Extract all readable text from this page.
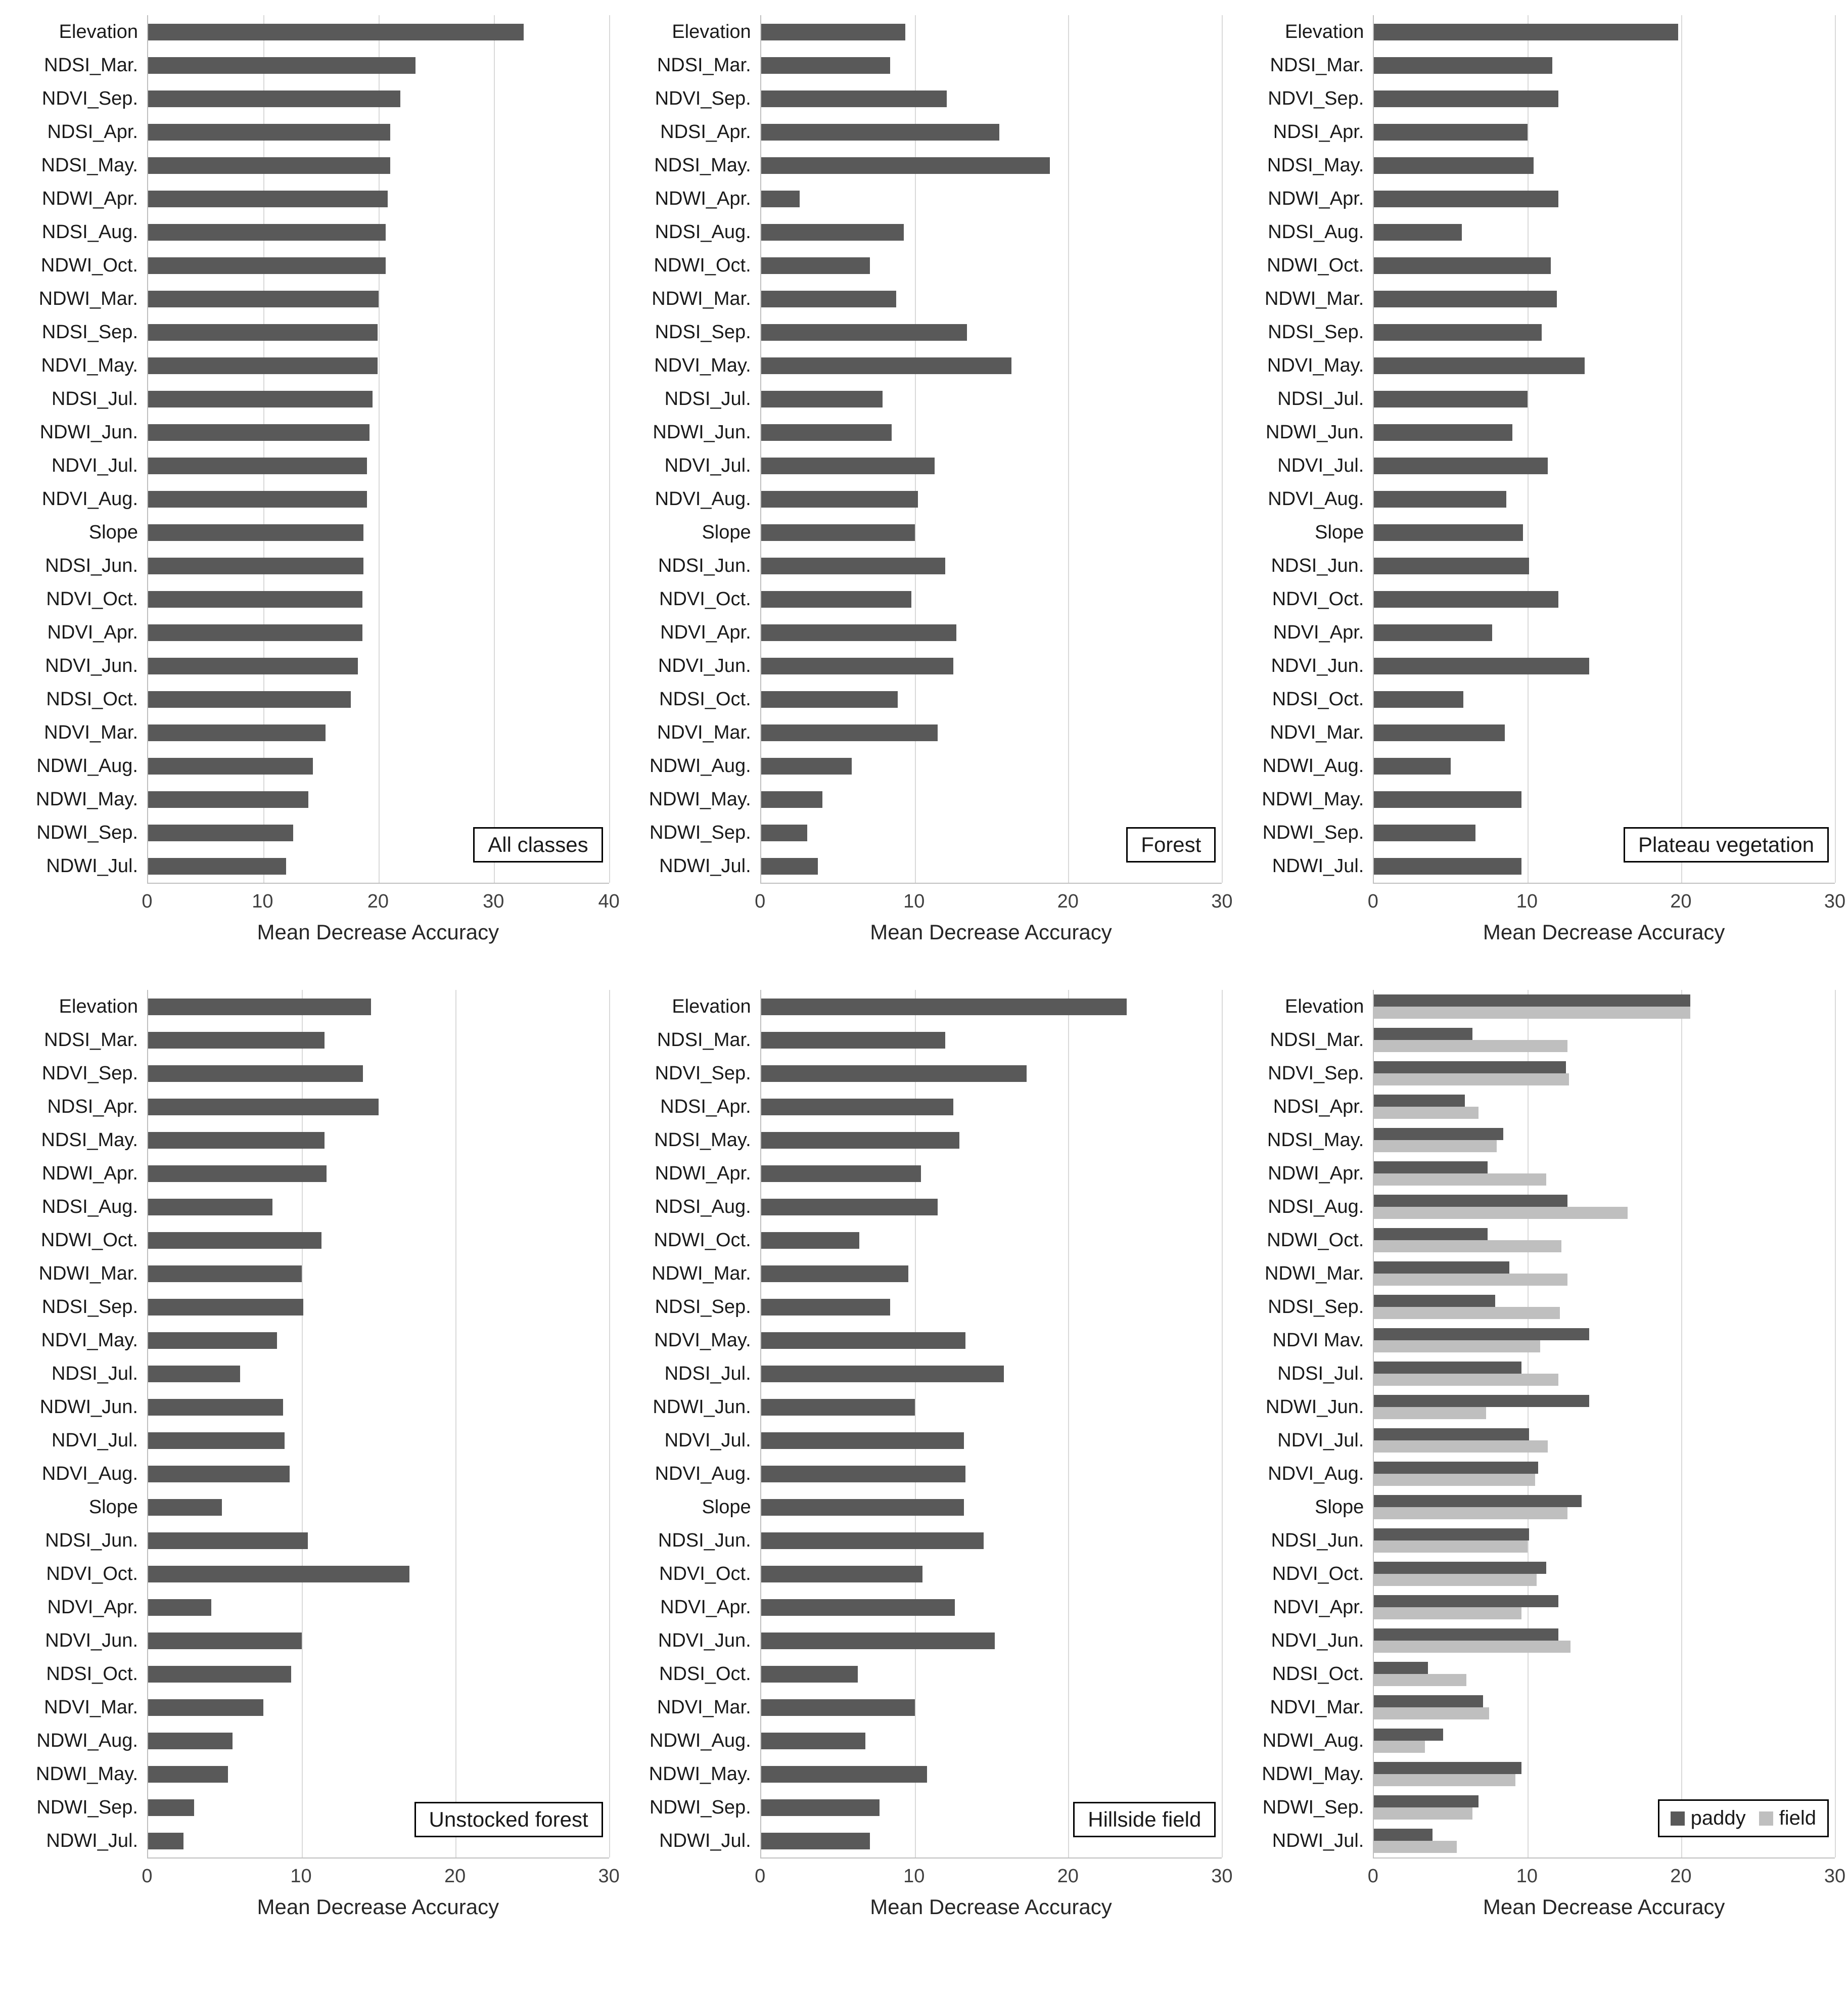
Elevation
NDSI_Mar.
NDVI_Sep.
NDSI_Apr.
NDSI_May.
NDWI_Apr.
NDSI_Aug.
NDWI_Oct.
NDWI_Mar.
NDSI_Sep.
NDVI_May.
NDSI_Jul.
NDWI_Jun.
NDVI_Jul.
NDVI_Aug.
Slope
NDSI_Jun.
NDVI_Oct.
NDVI_Apr.
NDVI_Jun.
NDSI_Oct.
NDVI_Mar.
NDWI_Aug.
NDWI_May.
NDWI_Sep.
NDWI_Jul.
All classes
0	10	20	30	40
Mean Decrease Accuracy
Elevation
NDSI_Mar.
NDVI_Sep.
NDSI_Apr.
NDSI_May.
NDWI_Apr.
NDSI_Aug.
NDWI_Oct.
NDWI_Mar.
NDSI_Sep.
NDVI_May.
NDSI_Jul.
NDWI_Jun.
NDVI_Jul.
NDVI_Aug.
Slope
NDSI_Jun.
NDVI_Oct.
NDVI_Apr.
NDVI_Jun.
NDSI_Oct.
NDVI_Mar.
NDWI_Aug.
NDWI_May.
NDWI_Sep.
NDWI_Jul.
Forest
0	10	20	30
Mean Decrease Accuracy
Elevation
NDSI_Mar.
NDVI_Sep.
NDSI_Apr.
NDSI_May.
NDWI_Apr.
NDSI_Aug.
NDWI_Oct.
NDWI_Mar.
NDSI_Sep.
NDVI_May.
NDSI_Jul.
NDWI_Jun.
NDVI_Jul.
NDVI_Aug.
Slope
NDSI_Jun.
NDVI_Oct.
NDVI_Apr.
NDVI_Jun.
NDSI_Oct.
NDVI_Mar.
NDWI_Aug.
NDWI_May.
NDWI_Sep.
NDWI_Jul.
Plateau vegetation
0	10	20	30
Mean Decrease Accuracy
Elevation
NDSI_Mar.
NDVI_Sep.
NDSI_Apr.
NDSI_May.
NDWI_Apr.
NDSI_Aug.
NDWI_Oct.
NDWI_Mar.
NDSI_Sep.
NDVI_May.
NDSI_Jul.
NDWI_Jun.
NDVI_Jul.
NDVI_Aug.
Slope
NDSI_Jun.
NDVI_Oct.
NDVI_Apr.
NDVI_Jun.
NDSI_Oct.
NDVI_Mar.
NDWI_Aug.
NDWI_May.
NDWI_Sep.
NDWI_Jul.
Unstocked forest
0	10	20	30
Mean Decrease Accuracy
Elevation
NDSI_Mar.
NDVI_Sep.
NDSI_Apr.
NDSI_May.
NDWI_Apr.
NDSI_Aug.
NDWI_Oct.
NDWI_Mar.
NDSI_Sep.
NDVI_May.
NDSI_Jul.
NDWI_Jun.
NDVI_Jul.
NDVI_Aug.
Slope
NDSI_Jun.
NDVI_Oct.
NDVI_Apr.
NDVI_Jun.
NDSI_Oct.
NDVI_Mar.
NDWI_Aug.
NDWI_May.
NDWI_Sep.
NDWI_Jul.
Hillside field
0	10	20	30
Mean Decrease Accuracy
Elevation
NDSI_Mar.
NDVI_Sep.
NDSI_Apr.
NDSI_May.
NDWI_Apr.
NDSI_Aug.
NDWI_Oct.
NDWI_Mar.
NDSI_Sep.
NDVI Mav.
NDSI_Jul.
NDWI_Jun.
NDVI_Jul.
NDVI_Aug.
Slope
NDSI_Jun.
NDVI_Oct.
NDVI_Apr.
NDVI_Jun.
NDSI_Oct.
NDVI_Mar.
NDWI_Aug.
NDWI_May.
NDWI_Sep.
NDWI_Jul.
paddy field
0	10	20	30
Mean Decrease Accuracy
